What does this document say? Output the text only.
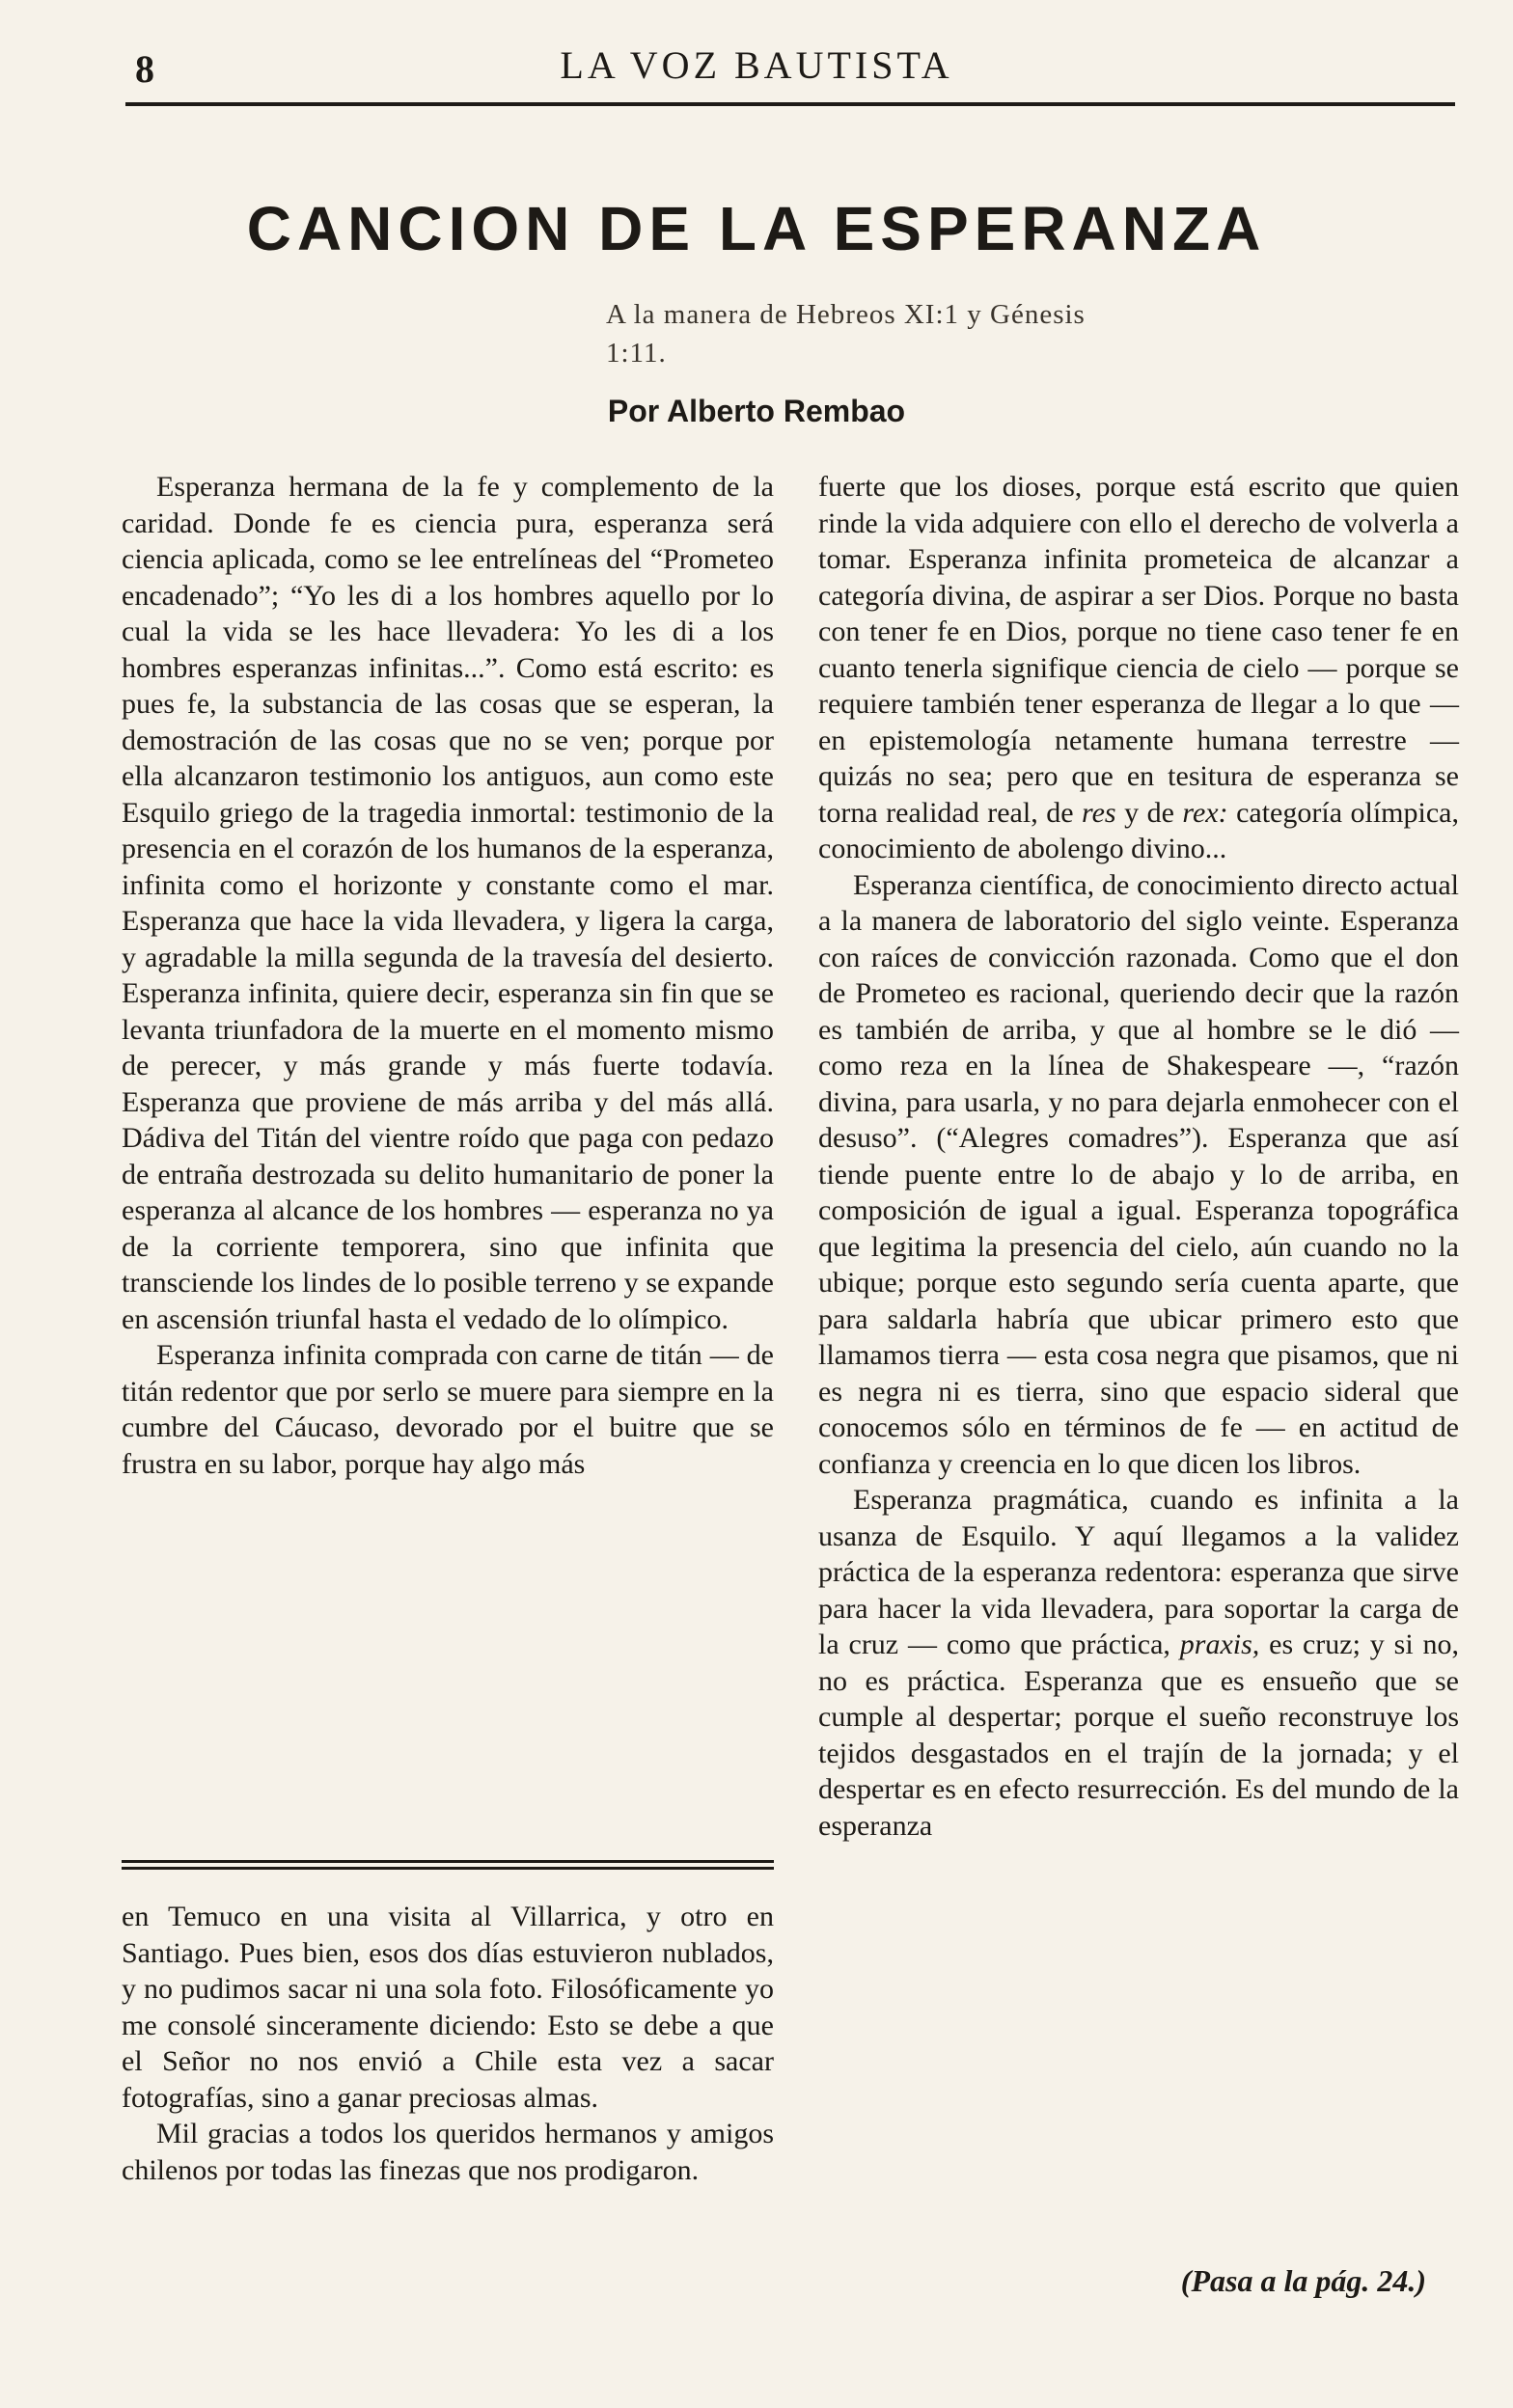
8	LA VOZ BAUTISTA
CANCION DE LA ESPERANZA
A la manera de Hebreos XI:1 y Génesis 1:11.
Por Alberto Rembao

Esperanza hermana de la fe y complemento de la caridad. Donde fe es ciencia pura, esperanza será ciencia aplicada, como se lee entrelíneas del “Prometeo encadenado”; “Yo les di a los hombres aquello por lo cual la vida se les hace llevadera: Yo les di a los hombres esperanzas infinitas...”. Como está escrito: es pues fe, la substancia de las cosas que se esperan, la demostración de las cosas que no se ven; porque por ella alcanzaron testimonio los antiguos, aun como este Esquilo griego de la tragedia inmortal: testimonio de la presencia en el corazón de los humanos de la esperanza, infinita como el horizonte y constante como el mar. Esperanza que hace la vida llevadera, y ligera la carga, y agradable la milla segunda de la travesía del desierto. Esperanza infinita, quiere decir, esperanza sin fin que se levanta triunfadora de la muerte en el momento mismo de perecer, y más grande y más fuerte todavía. Esperanza que proviene de más arriba y del más allá. Dádiva del Titán del vientre roído que paga con pedazo de entraña destrozada su delito humanitario de poner la esperanza al alcance de los hombres — esperanza no ya de la corriente temporera, sino que infinita que transciende los lindes de lo posible terreno y se expande en ascensión triunfal hasta el vedado de lo olímpico.

Esperanza infinita comprada con carne de titán — de titán redentor que por serlo se muere para siempre en la cumbre del Cáucaso, devorado por el buitre que se frustra en su labor, porque hay algo más

fuerte que los dioses, porque está escrito que quien rinde la vida adquiere con ello el derecho de volverla a tomar. Esperanza infinita prometeica de alcanzar a categoría divina, de aspirar a ser Dios. Porque no basta con tener fe en Dios, porque no tiene caso tener fe en cuanto tenerla signifique ciencia de cielo — porque se requiere también tener esperanza de llegar a lo que — en epistemología netamente humana terrestre — quizás no sea; pero que en tesitura de esperanza se torna realidad real, de res y de rex: categoría olímpica, conocimiento de abolengo divino...

Esperanza científica, de conocimiento directo actual a la manera de laboratorio del siglo veinte. Esperanza con raíces de convicción razonada. Como que el don de Prometeo es racional, queriendo decir que la razón es también de arriba, y que al hombre se le dió — como reza en la línea de Shakespeare —, “razón divina, para usarla, y no para dejarla enmohecer con el desuso”. (“Alegres comadres”). Esperanza que así tiende puente entre lo de abajo y lo de arriba, en composición de igual a igual. Esperanza topográfica que legitima la presencia del cielo, aún cuando no la ubique; porque esto segundo sería cuenta aparte, que para saldarla habría que ubicar primero esto que llamamos tierra — esta cosa negra que pisamos, que ni es negra ni es tierra, sino que espacio sideral que conocemos sólo en términos de fe — en actitud de confianza y creencia en lo que dicen los libros.

Esperanza pragmática, cuando es infinita a la usanza de Esquilo. Y aquí llegamos a la validez práctica de la esperanza redentora: esperanza que sirve para hacer la vida llevadera, para soportar la carga de la cruz — como que práctica, praxis, es cruz; y si no, no es práctica. Esperanza que es ensueño que se cumple al despertar; porque el sueño reconstruye los tejidos desgastados en el trajín de la jornada; y el despertar es en efecto resurrección. Es del mundo de la esperanza

en Temuco en una visita al Villarrica, y otro en Santiago. Pues bien, esos dos días estuvieron nublados, y no pudimos sacar ni una sola foto. Filosóficamente yo me consolé sinceramente diciendo: Esto se debe a que el Señor no nos envió a Chile esta vez a sacar fotografías, sino a ganar preciosas almas.

Mil gracias a todos los queridos hermanos y amigos chilenos por todas las finezas que nos prodigaron.

(Pasa a la pág. 24.)
